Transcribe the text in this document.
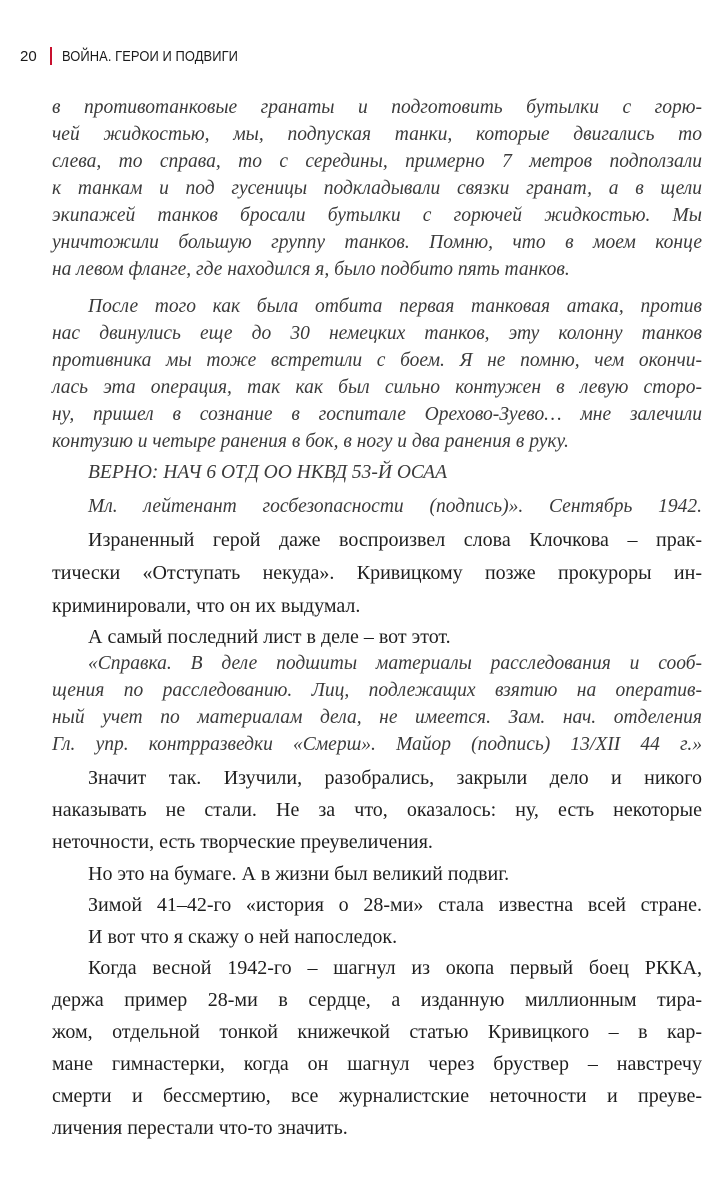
20 ВОЙНА. ГЕРОИ И ПОДВИГИ
в противотанковые гранаты и подготовить бутылки с горю-
чей жидкостью, мы, подпуская танки, которые двигались то
слева, то справа, то с середины, примерно 7 метров подползали
к танкам и под гусеницы подкладывали связки гранат, а в щели
экипажей танков бросали бутылки с горючей жидкостью. Мы
уничтожили большую группу танков. Помню, что в моем конце
на левом фланге, где находился я, было подбито пять танков.
После того как была отбита первая танковая атака, против
нас двинулись еще до 30 немецких танков, эту колонну танков
противника мы тоже встретили с боем. Я не помню, чем окончи-
лась эта операция, так как был сильно контужен в левую сторо-
ну, пришел в сознание в госпитале Орехово-Зуево… мне залечили
контузию и четыре ранения в бок, в ногу и два ранения в руку.
ВЕРНО: НАЧ 6 ОТД ОО НКВД 53-Й ОСАА
Мл. лейтенант госбезопасности (подпись)». Сентябрь 1942.
Израненный герой даже воспроизвел слова Клочкова – прак-
тически «Отступать некуда». Кривицкому позже прокуроры ин-
криминировали, что он их выдумал.
А самый последний лист в деле – вот этот.
«Справка. В деле подшиты материалы расследования и сооб-
щения по расследованию. Лиц, подлежащих взятию на оператив-
ный учет по материалам дела, не имеется. Зам. нач. отделения
Гл. упр. контрразведки «Смерш». Майор (подпись) 13/XII 44 г.»
Значит так. Изучили, разобрались, закрыли дело и никого
наказывать не стали. Не за что, оказалось: ну, есть некоторые
неточности, есть творческие преувеличения.
Но это на бумаге. А в жизни был великий подвиг.
Зимой 41–42-го «история о 28-ми» стала известна всей стране.
И вот что я скажу о ней напоследок.
Когда весной 1942-го – шагнул из окопа первый боец РККА,
держа пример 28-ми в сердце, а изданную миллионным тира-
жом, отдельной тонкой книжечкой статью Кривицкого – в кар-
мане гимнастерки, когда он шагнул через бруствер – навстречу
смерти и бессмертию, все журналистские неточности и преуве-
личения перестали что-то значить.
